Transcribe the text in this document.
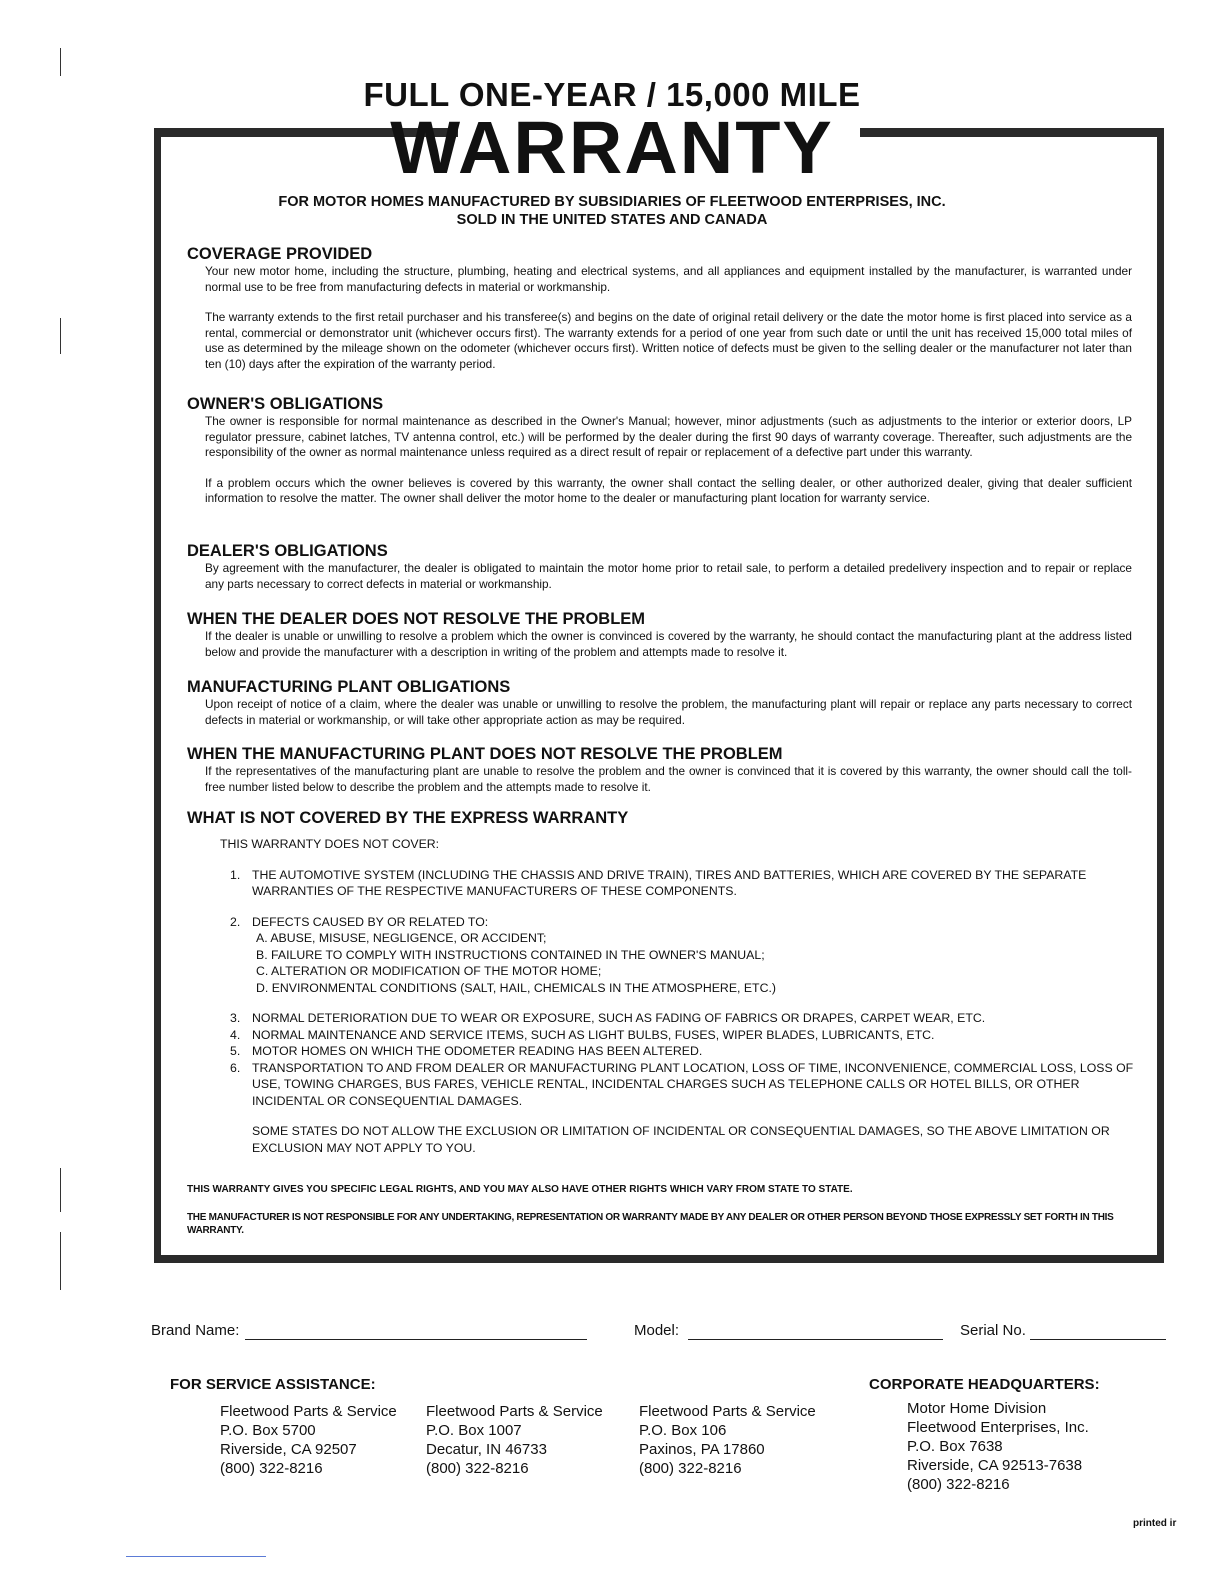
FULL ONE-YEAR / 15,000 MILE
WARRANTY
FOR MOTOR HOMES MANUFACTURED BY SUBSIDIARIES OF FLEETWOOD ENTERPRISES, INC.
SOLD IN THE UNITED STATES AND CANADA

COVERAGE PROVIDED

Your new motor home, including the structure, plumbing, heating and electrical systems, and all appliances and equipment installed by the manufacturer, is warranted under normal use to be free from manufacturing defects in material or workmanship.

The warranty extends to the first retail purchaser and his transferee(s) and begins on the date of original retail delivery or the date the motor home is first placed into service as a rental, commercial or demonstrator unit (whichever occurs first). The warranty extends for a period of one year from such date or until the unit has received 15,000 total miles of use as determined by the mileage shown on the odometer (whichever occurs first). Written notice of defects must be given to the selling dealer or the manufacturer not later than ten (10) days after the expiration of the warranty period.

OWNER'S OBLIGATIONS

The owner is responsible for normal maintenance as described in the Owner's Manual; however, minor adjustments (such as adjustments to the interior or exterior doors, LP regulator pressure, cabinet latches, TV antenna control, etc.) will be performed by the dealer during the first 90 days of warranty coverage. Thereafter, such adjustments are the responsibility of the owner as normal maintenance unless required as a direct result of repair or replacement of a defective part under this warranty.

If a problem occurs which the owner believes is covered by this warranty, the owner shall contact the selling dealer, or other authorized dealer, giving that dealer sufficient information to resolve the matter. The owner shall deliver the motor home to the dealer or manufacturing plant location for warranty service.

DEALER'S OBLIGATIONS

By agreement with the manufacturer, the dealer is obligated to maintain the motor home prior to retail sale, to perform a detailed predelivery inspection and to repair or replace any parts necessary to correct defects in material or workmanship.

WHEN THE DEALER DOES NOT RESOLVE THE PROBLEM

If the dealer is unable or unwilling to resolve a problem which the owner is convinced is covered by the warranty, he should contact the manufacturing plant at the address listed below and provide the manufacturer with a description in writing of the problem and attempts made to resolve it.

MANUFACTURING PLANT OBLIGATIONS

Upon receipt of notice of a claim, where the dealer was unable or unwilling to resolve the problem, the manufacturing plant will repair or replace any parts necessary to correct defects in material or workmanship, or will take other appropriate action as may be required.

WHEN THE MANUFACTURING PLANT DOES NOT RESOLVE THE PROBLEM

If the representatives of the manufacturing plant are unable to resolve the problem and the owner is convinced that it is covered by this warranty, the owner should call the toll-free number listed below to describe the problem and the attempts made to resolve it.

WHAT IS NOT COVERED BY THE EXPRESS WARRANTY

THIS WARRANTY DOES NOT COVER:
1. THE AUTOMOTIVE SYSTEM (INCLUDING THE CHASSIS AND DRIVE TRAIN), TIRES AND BATTERIES, WHICH ARE COVERED BY THE SEPARATE WARRANTIES OF THE RESPECTIVE MANUFACTURERS OF THESE COMPONENTS.
2. DEFECTS CAUSED BY OR RELATED TO:
A. ABUSE, MISUSE, NEGLIGENCE, OR ACCIDENT;
B. FAILURE TO COMPLY WITH INSTRUCTIONS CONTAINED IN THE OWNER'S MANUAL;
C. ALTERATION OR MODIFICATION OF THE MOTOR HOME;
D. ENVIRONMENTAL CONDITIONS (SALT, HAIL, CHEMICALS IN THE ATMOSPHERE, ETC.)
3. NORMAL DETERIORATION DUE TO WEAR OR EXPOSURE, SUCH AS FADING OF FABRICS OR DRAPES, CARPET WEAR, ETC.
4. NORMAL MAINTENANCE AND SERVICE ITEMS, SUCH AS LIGHT BULBS, FUSES, WIPER BLADES, LUBRICANTS, ETC.
5. MOTOR HOMES ON WHICH THE ODOMETER READING HAS BEEN ALTERED.
6. TRANSPORTATION TO AND FROM DEALER OR MANUFACTURING PLANT LOCATION, LOSS OF TIME, INCONVENIENCE, COMMERCIAL LOSS, LOSS OF USE, TOWING CHARGES, BUS FARES, VEHICLE RENTAL, INCIDENTAL CHARGES SUCH AS TELEPHONE CALLS OR HOTEL BILLS, OR OTHER INCIDENTAL OR CONSEQUENTIAL DAMAGES.
SOME STATES DO NOT ALLOW THE EXCLUSION OR LIMITATION OF INCIDENTAL OR CONSEQUENTIAL DAMAGES, SO THE ABOVE LIMITATION OR EXCLUSION MAY NOT APPLY TO YOU.
THIS WARRANTY GIVES YOU SPECIFIC LEGAL RIGHTS, AND YOU MAY ALSO HAVE OTHER RIGHTS WHICH VARY FROM STATE TO STATE.
THE MANUFACTURER IS NOT RESPONSIBLE FOR ANY UNDERTAKING, REPRESENTATION OR WARRANTY MADE BY ANY DEALER OR OTHER PERSON BEYOND THOSE EXPRESSLY SET FORTH IN THIS WARRANTY.
Brand Name:	Model:	Serial No.
FOR SERVICE ASSISTANCE:
Fleetwood Parts & Service
P.O. Box 5700
Riverside, CA 92507
(800) 322-8216
Fleetwood Parts & Service
P.O. Box 1007
Decatur, IN 46733
(800) 322-8216
Fleetwood Parts & Service
P.O. Box 106
Paxinos, PA 17860
(800) 322-8216
CORPORATE HEADQUARTERS:
Motor Home Division
Fleetwood Enterprises, Inc.
P.O. Box 7638
Riverside, CA 92513-7638
(800) 322-8216
printed ir
